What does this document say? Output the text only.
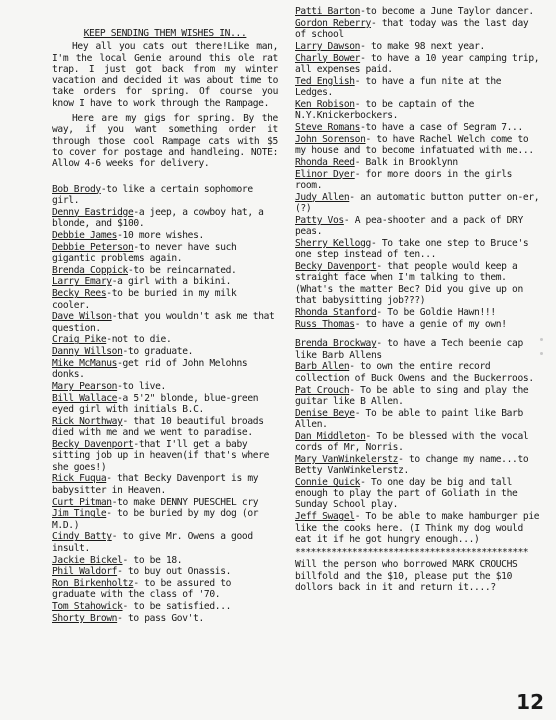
KEEP SENDING THEM WISHES IN...
Hey all you cats out there!Like man, I'm the local Genie around this ole rat trap. I just got back from my winter vacation and decided it was about time to take orders for spring. Of course you know I have to work through the Rampage.
Here are my gigs for spring. By the way, if you want something order it through those cool Rampage cats with $5 to cover for postage and handleing. NOTE: Allow 4-6 weeks for delivery.
Bob Brody-to like a certain sophomore girl.
Denny Eastridge-a jeep, a cowboy hat, a blonde, and $100.
Debbie James-10 more wishes.
Debbie Peterson-to never have such gigantic problems again.
Brenda Coppick-to be reincarnated.
Larry Emary-a girl with a bikini.
Becky Rees-to be buried in my milk cooler.
Dave Wilson-that you wouldn't ask me that question.
Craig Pike-not to die.
Danny Willson-to graduate.
Mike McManus-get rid of John Melohns donks.
Mary Pearson-to live.
Bill Wallace-a 5'2" blonde, blue-green eyed girl with initials B.C.
Rick Northway- that 10 beautiful broads died with me and we went to paradise.
Becky Davenport-that I'll get a baby sitting job up in heaven(if that's where she goes!)
Rick Fuqua- that Becky Davenport is my babysitter in Heaven.
Curt Pitman-to make DENNY PUESCHEL cry
Jim Tingle- to be buried by my dog (or M.D.)
Cindy Batty- to give Mr. Owens a good insult.
Jackie Bickel- to be 18.
Phil Waldorf- to buy out Onassis.
Ron Birkenholtz- to be assured to graduate with the class of '70.
Tom Stahowick- to be satisfied...
Shorty Brown- to pass Gov't.
Patti Barton-to become a June Taylor dancer.
Gordon Reberry- that today was the last day of school
Larry Dawson- to make 98 next year.
Charly Bower- to have a 10 year camping trip, all expenses paid.
Ted English- to have a fun nite at the Ledges.
Ken Robison- to be captain of the N.Y.Knickerbockers.
Steve Romans-to have a case of Segram 7...
John Sorenson- to have Rachel Welch come to my house and to become infatuated with me...
Rhonda Reed- Balk in Brooklynn
Elinor Dyer- for more doors in the girls room.
Judy Allen- an automatic button putter on-er, (?)
Patty Vos- A pea-shooter and a pack of DRY peas.
Sherry Kellogg- To take one step to Bruce's one step instead of ten...
Becky Davenport- that people would keep a straight face when I'm talking to them.(What's the matter Bec? Did you give up on that babysitting job???)
Rhonda Stanford- To be Goldie Hawn!!!
Russ Thomas- to have a genie of my own!
Brenda Brockway- to have a Tech beenie cap like Barb Allens
Barb Allen- to own the entire record collection of Buck Owens and the Buckerroos.
Pat Crouch- To be able to sing and play the guitar like B Allen.
Denise Beye- To be able to paint like Barb Allen.
Dan Middleton- To be blessed with the vocal cords of Mr, Norris.
Mary VanWinkelerstz- to change my name...to Betty VanWinkelerstz.
Connie Quick- To one day be big and tall enough to play the part of Goliath in the Sunday School play.
Jeff Swagel- To be able to make hamburger pie like the cooks here. (I Think my dog would eat it if he got hungry enough...)
*********************************************
Will the person who borrowed MARK CROUCHS billfold and the $10, please put the $10 dollors back in it and return it....?
12
